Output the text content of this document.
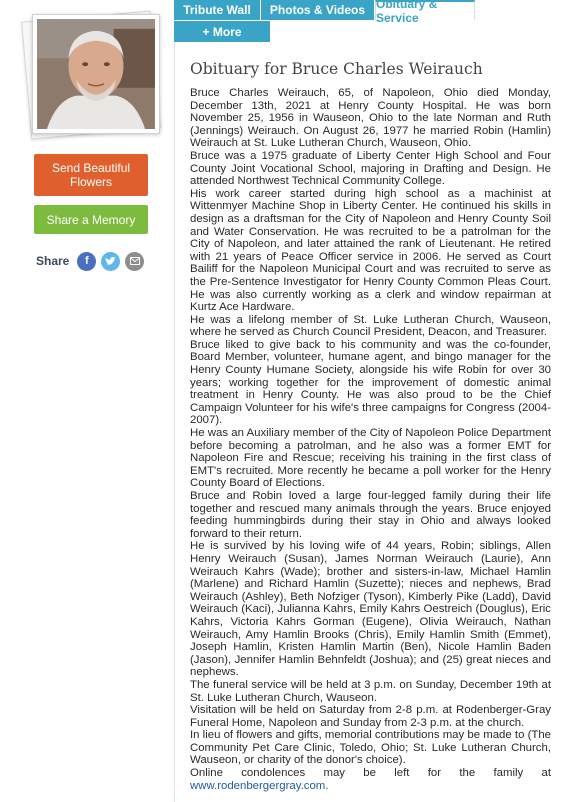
Send Beautiful Flowers
Share a Memory
Share	f
Tribute Wall Photos & Videos Obituary & Service
+ More
Obituary for Bruce Charles Weirauch

Bruce Charles Weirauch, 65, of Napoleon, Ohio died Monday, December 13th, 2021 at Henry County Hospital. He was born November 25, 1956 in Wauseon, Ohio to the late Norman and Ruth (Jennings) Weirauch. On August 26, 1977 he married Robin (Hamlin) Weirauch at St. Luke Lutheran Church, Wauseon, Ohio.

Bruce was a 1975 graduate of Liberty Center High School and Four County Joint Vocational School, majoring in Drafting and Design. He attended Northwest Technical Community College.

His work career started during high school as a machinist at Wittenmyer Machine Shop in Liberty Center. He continued his skills in design as a draftsman for the City of Napoleon and Henry County Soil and Water Conservation. He was recruited to be a patrolman for the City of Napoleon, and later attained the rank of Lieutenant. He retired with 21 years of Peace Officer service in 2006. He served as Court Bailiff for the Napoleon Municipal Court and was recruited to serve as the Pre-Sentence Investigator for Henry County Common Pleas Court. He was also currently working as a clerk and window repairman at Kurtz Ace Hardware.

He was a lifelong member of St. Luke Lutheran Church, Wauseon, where he served as Church Council President, Deacon, and Treasurer.

Bruce liked to give back to his community and was the co-founder, Board Member, volunteer, humane agent, and bingo manager for the Henry County Humane Society, alongside his wife Robin for over 30 years; working together for the improvement of domestic animal treatment in Henry County. He was also proud to be the Chief Campaign Volunteer for his wife's three campaigns for Congress (2004-2007).

He was an Auxiliary member of the City of Napoleon Police Department before becoming a patrolman, and he also was a former EMT for Napoleon Fire and Rescue; receiving his training in the first class of EMT's recruited. More recently he became a poll worker for the Henry County Board of Elections.

Bruce and Robin loved a large four-legged family during their life together and rescued many animals through the years. Bruce enjoyed feeding hummingbirds during their stay in Ohio and always looked forward to their return.

He is survived by his loving wife of 44 years, Robin; siblings, Allen Henry Weirauch (Susan), James Norman Weirauch (Laurie), Ann Weirauch Kahrs (Wade); brother and sisters-in-law, Michael Hamlin (Marlene) and Richard Hamlin (Suzette); nieces and nephews, Brad Weirauch (Ashley), Beth Nofziger (Tyson), Kimberly Pike (Ladd), David Weirauch (Kaci), Julianna Kahrs, Emily Kahrs Oestreich (Douglus), Eric Kahrs, Victoria Kahrs Gorman (Eugene), Olivia Weirauch, Nathan Weirauch, Amy Hamlin Brooks (Chris), Emily Hamlin Smith (Emmet), Joseph Hamlin, Kristen Hamlin Martin (Ben), Nicole Hamlin Baden (Jason), Jennifer Hamlin Behnfeldt (Joshua); and (25) great nieces and nephews.

The funeral service will be held at 3 p.m. on Sunday, December 19th at St. Luke Lutheran Church, Wauseon.

Visitation will be held on Saturday from 2-8 p.m. at Rodenberger-Gray Funeral Home, Napoleon and Sunday from 2-3 p.m. at the church.

In lieu of flowers and gifts, memorial contributions may be made to (The Community Pet Care Clinic, Toledo, Ohio; St. Luke Lutheran Church, Wauseon, or charity of the donor's choice).

Online condolences may be left for the family at www.rodenbergergray.com.
